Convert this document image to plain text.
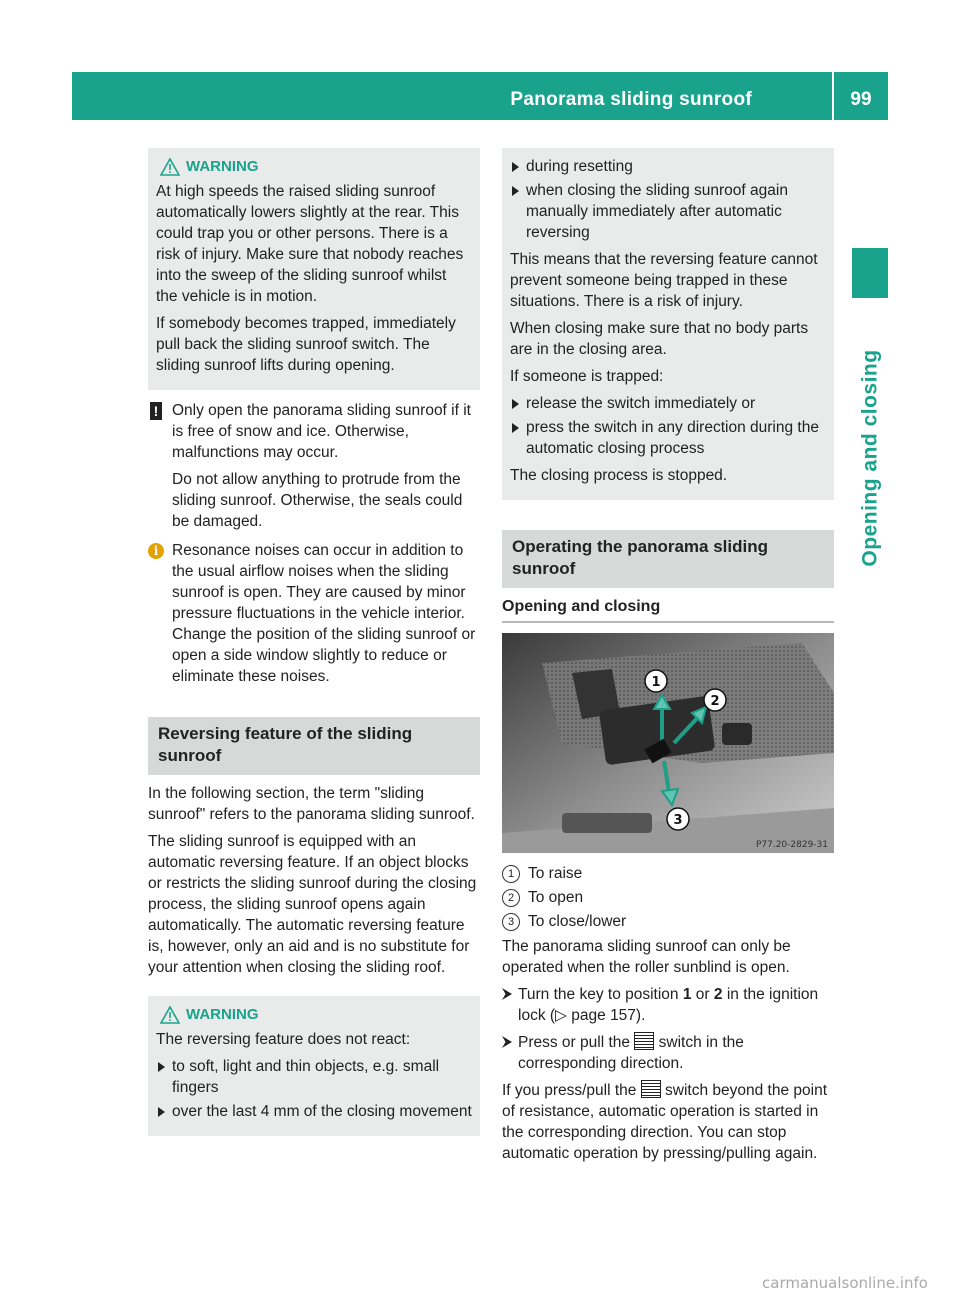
Panorama sliding sunroof	99
Opening and closing
WARNING

At high speeds the raised sliding sunroof automatically lowers slightly at the rear. This could trap you or other persons. There is a risk of injury. Make sure that nobody reaches into the sweep of the sliding sunroof whilst the vehicle is in motion.

If somebody becomes trapped, immediately pull back the sliding sunroof switch. The sliding sunroof lifts during opening.

! Only open the panorama sliding sunroof if it is free of snow and ice. Otherwise, malfunctions may occur.

Do not allow anything to protrude from the sliding sunroof. Otherwise, the seals could be damaged.

i Resonance noises can occur in addition to the usual airflow noises when the sliding sunroof is open. They are caused by minor pressure fluctuations in the vehicle interior. Change the position of the sliding sunroof or open a side window slightly to reduce or eliminate these noises.

Reversing feature of the sliding sunroof

In the following section, the term "sliding sunroof" refers to the panorama sliding sunroof.

The sliding sunroof is equipped with an automatic reversing feature. If an object blocks or restricts the sliding sunroof during the closing process, the sliding sunroof opens again automatically. The automatic reversing feature is, however, only an aid and is no substitute for your attention when closing the sliding roof.

WARNING

The reversing feature does not react:

to soft, light and thin objects, e.g. small fingers
over the last 4 mm of the closing movement
during resetting
when closing the sliding sunroof again manually immediately after automatic reversing

This means that the reversing feature cannot prevent someone being trapped in these situations. There is a risk of injury.

When closing make sure that no body parts are in the closing area.

If someone is trapped:

release the switch immediately or
press the switch in any direction during the automatic closing process

The closing process is stopped.

Operating the panorama sliding sunroof
Opening and closing
1
2
3
P77.20-2829-31
1 To raise
2 To open
3 To close/lower

The panorama sliding sunroof can only be operated when the roller sunblind is open.

Turn the key to position 1 or 2 in the ignition lock (▷ page 157).
Press or pull the  switch in the corresponding direction.

If you press/pull the  switch beyond the point of resistance, automatic operation is started in the corresponding direction. You can stop automatic operation by pressing/pulling again.

carmanualsonline.info
